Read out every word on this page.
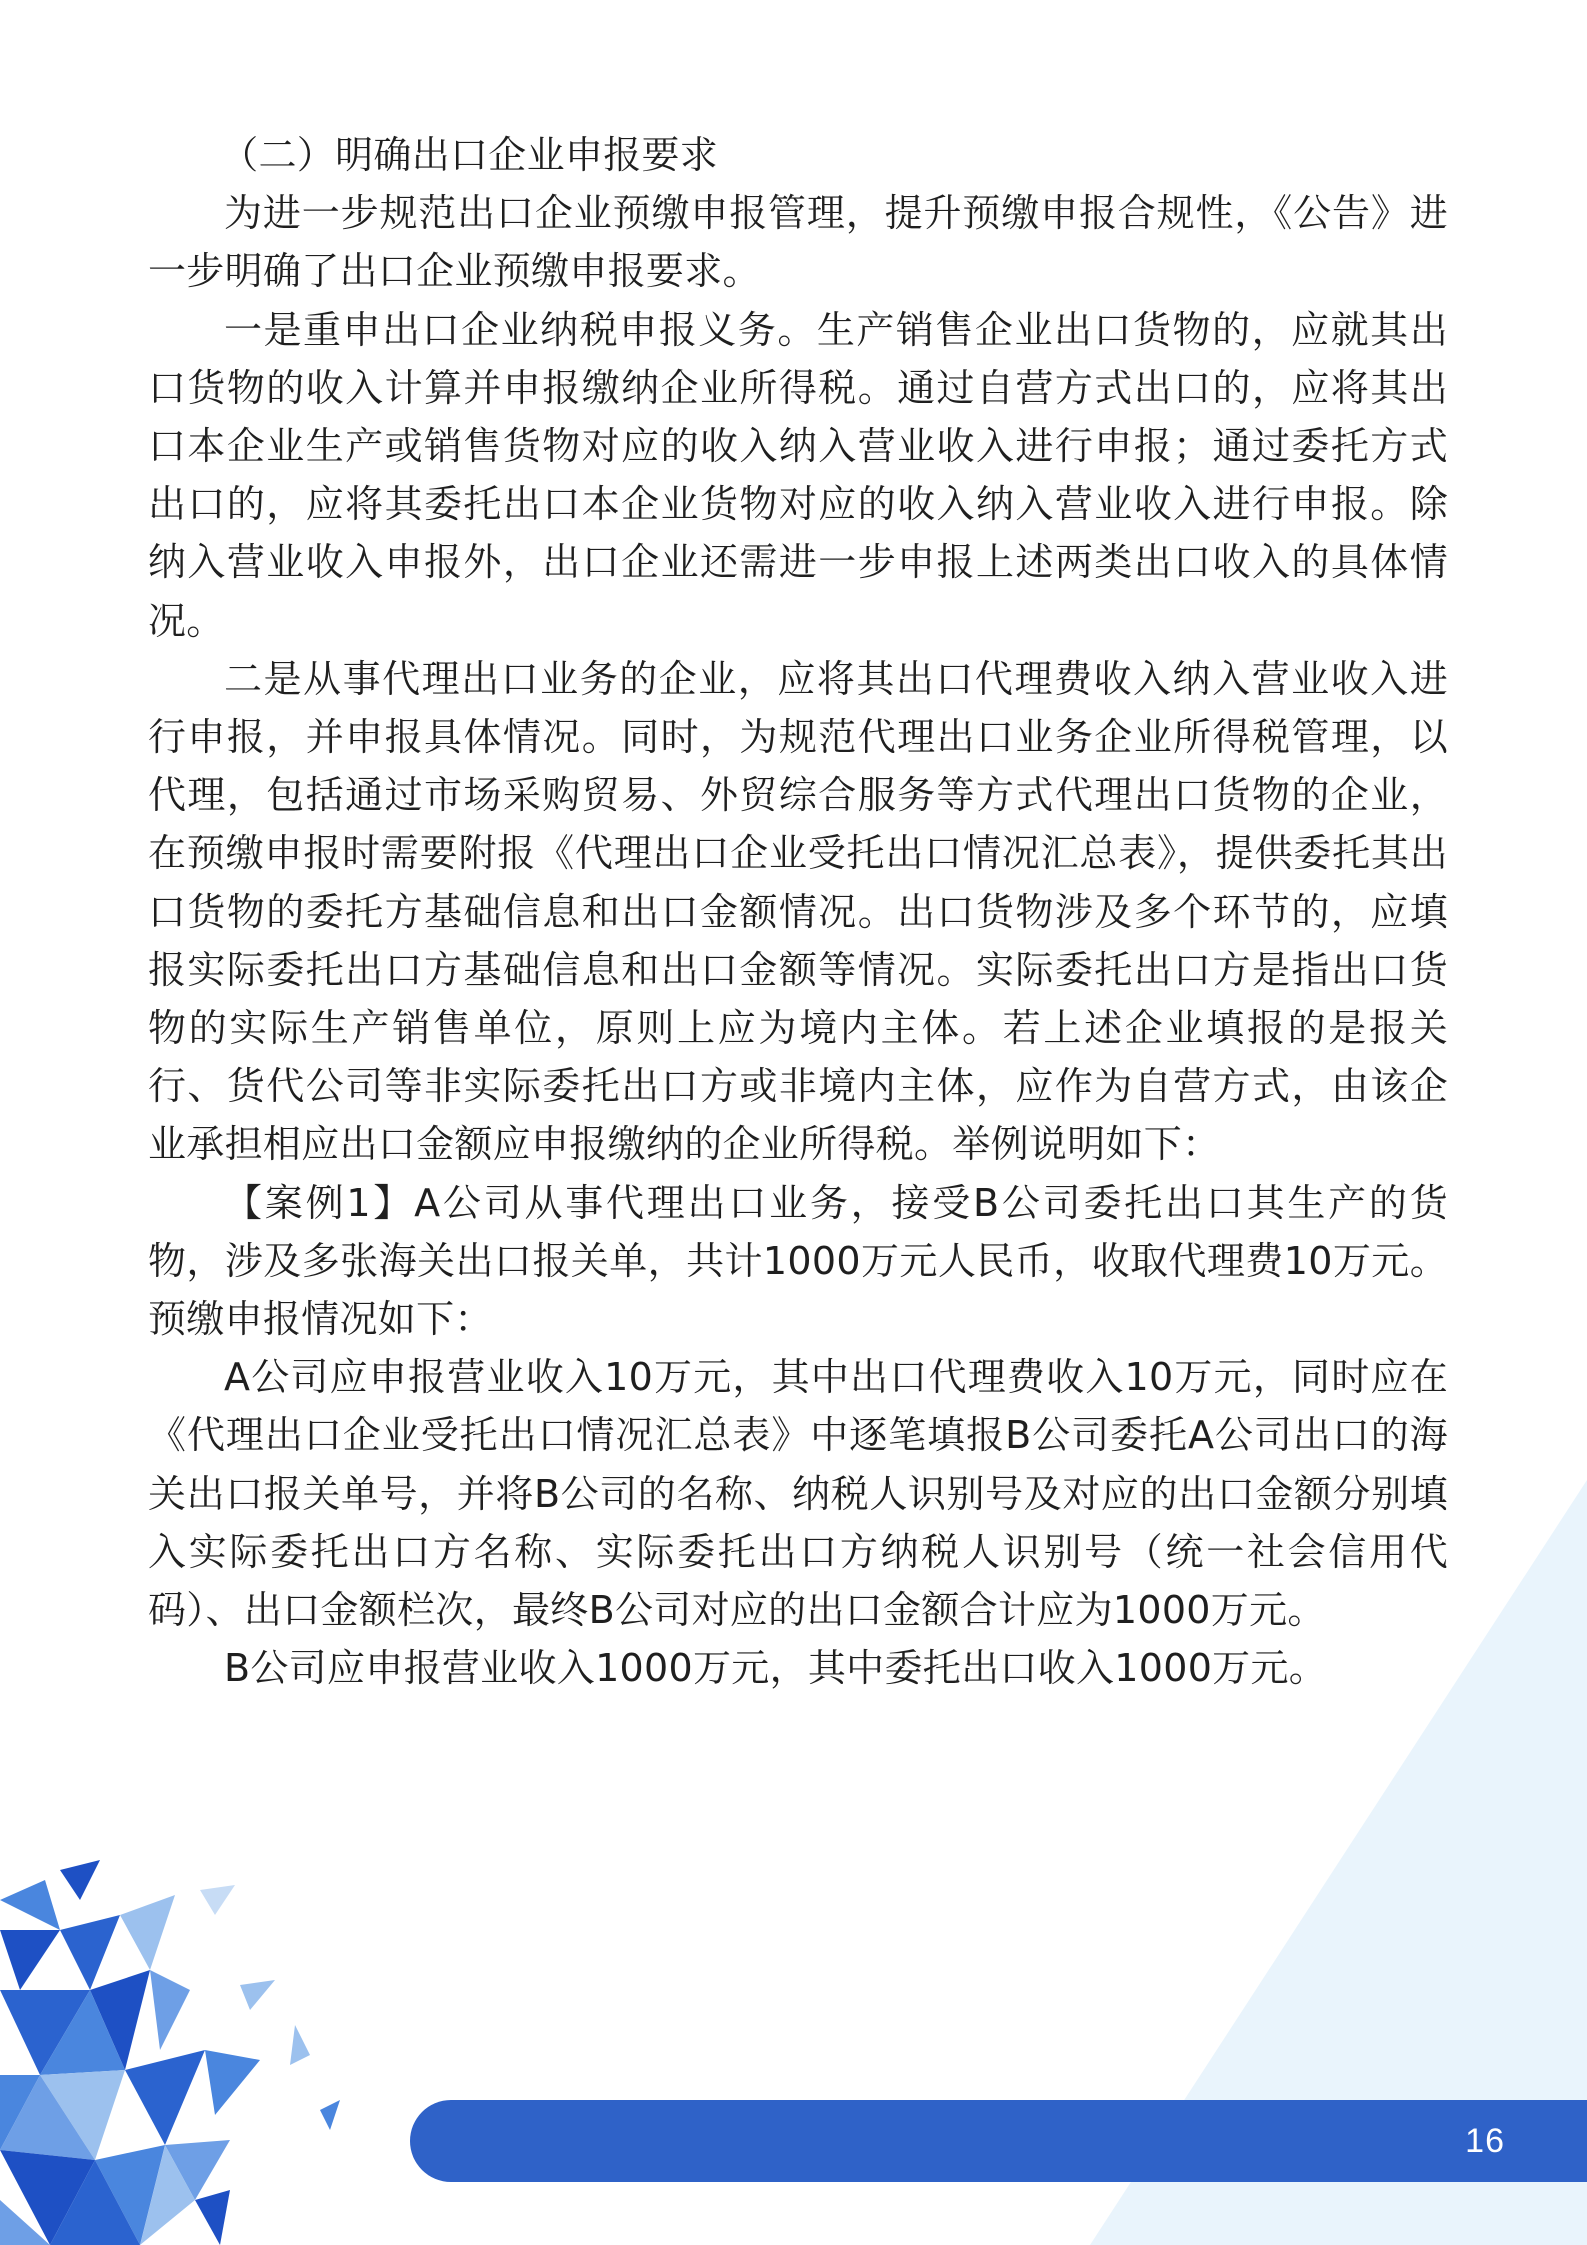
（二）明确出口企业申报要求

为进一步规范出口企业预缴申报管理，提升预缴申报合规性，《公告》进一步明确了出口企业预缴申报要求。

一是重申出口企业纳税申报义务。生产销售企业出口货物的，应就其出口货物的收入计算并申报缴纳企业所得税。通过自营方式出口的，应将其出口本企业生产或销售货物对应的收入纳入营业收入进行申报；通过委托方式出口的，应将其委托出口本企业货物对应的收入纳入营业收入进行申报。除纳入营业收入申报外，出口企业还需进一步申报上述两类出口收入的具体情况。

二是从事代理出口业务的企业，应将其出口代理费收入纳入营业收入进行申报，并申报具体情况。同时，为规范代理出口业务企业所得税管理，以代理，包括通过市场采购贸易、外贸综合服务等方式代理出口货物的企业，在预缴申报时需要附报《代理出口企业受托出口情况汇总表》，提供委托其出口货物的委托方基础信息和出口金额情况。出口货物涉及多个环节的，应填报实际委托出口方基础信息和出口金额等情况。实际委托出口方是指出口货物的实际生产销售单位，原则上应为境内主体。若上述企业填报的是报关行、货代公司等非实际委托出口方或非境内主体，应作为自营方式，由该企业承担相应出口金额应申报缴纳的企业所得税。举例说明如下：

【案例1】A公司从事代理出口业务，接受B公司委托出口其生产的货物，涉及多张海关出口报关单，共计1000万元人民币，收取代理费10万元。预缴申报情况如下：

A公司应申报营业收入10万元，其中出口代理费收入10万元，同时应在《代理出口企业受托出口情况汇总表》中逐笔填报B公司委托A公司出口的海关出口报关单号，并将B公司的名称、纳税人识别号及对应的出口金额分别填入实际委托出口方名称、实际委托出口方纳税人识别号（统一社会信用代码）、出口金额栏次，最终B公司对应的出口金额合计应为1000万元。

B公司应申报营业收入1000万元，其中委托出口收入1000万元。

16
